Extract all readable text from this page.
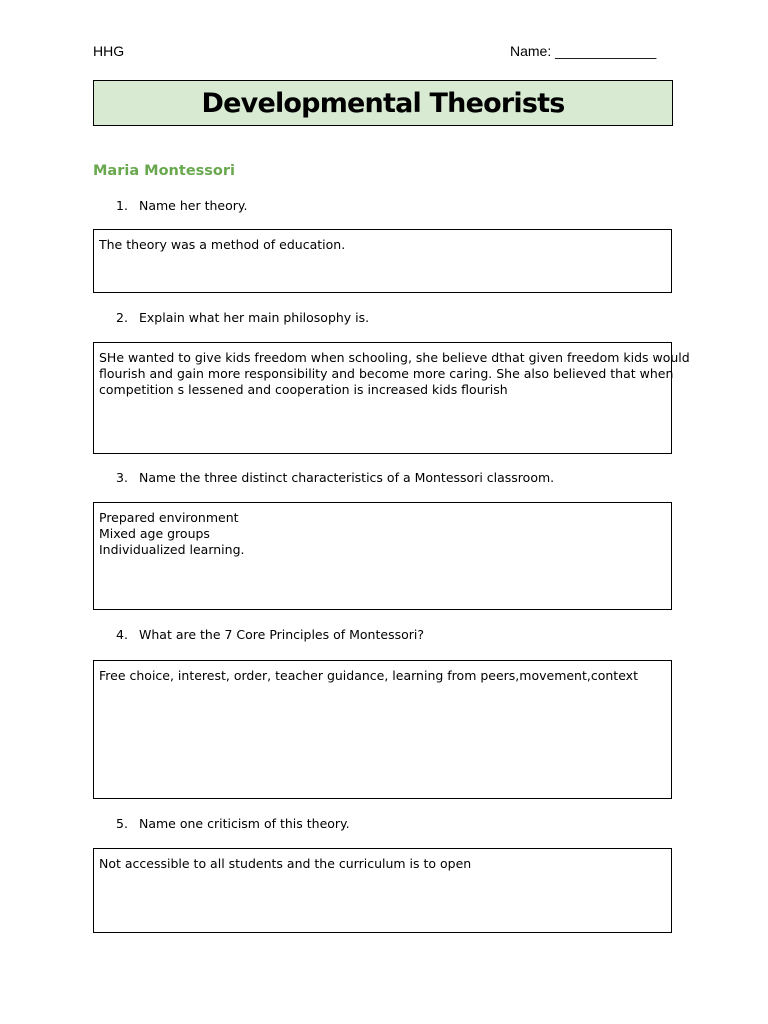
HHG	Name: _____________
Developmental Theorists
Maria Montessori
1. Name her theory.
The theory was a method of education.
2. Explain what her main philosophy is.
SHe wanted to give kids freedom when schooling, she believe dthat given freedom kids would
flourish and gain more responsibility and become more caring. She also believed that when
competition s lessened and cooperation is increased kids flourish
3. Name the three distinct characteristics of a Montessori classroom.
Prepared environment
Mixed age groups
Individualized learning.
4. What are the 7 Core Principles of Montessori?
Free choice, interest, order, teacher guidance, learning from peers,movement,context
5. Name one criticism of this theory.
Not accessible to all students and the curriculum is to open
